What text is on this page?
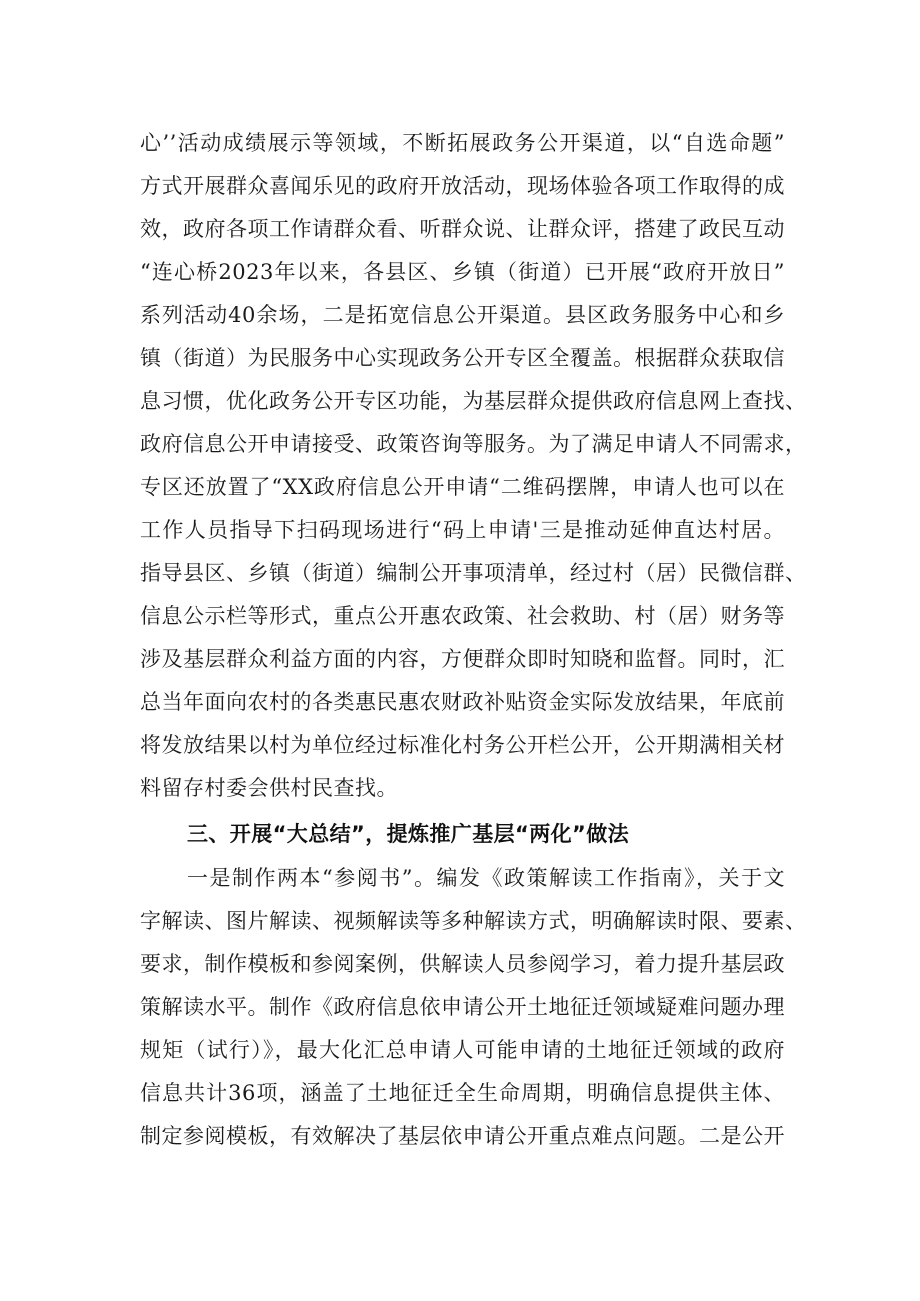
心’’活动成绩展示等领域，不断拓展政务公开渠道，以“自选命题”
方式开展群众喜闻乐见的政府开放活动，现场体验各项工作取得的成
效，政府各项工作请群众看、听群众说、让群众评，搭建了政民互动
“连心桥2023年以来，各县区、乡镇（街道）已开展“政府开放日”
系列活动40余场，二是拓宽信息公开渠道。县区政务服务中心和乡
镇（街道）为民服务中心实现政务公开专区全覆盖。根据群众获取信
息习惯，优化政务公开专区功能，为基层群众提供政府信息网上查找、
政府信息公开申请接受、政策咨询等服务。为了满足申请人不同需求，
专区还放置了“XX政府信息公开申请“二维码摆牌，申请人也可以在
工作人员指导下扫码现场进行“码上申请'三是推动延伸直达村居。
指导县区、乡镇（街道）编制公开事项清单，经过村（居）民微信群、
信息公示栏等形式，重点公开惠农政策、社会救助、村（居）财务等
涉及基层群众利益方面的内容，方便群众即时知晓和监督。同时，汇
总当年面向农村的各类惠民惠农财政补贴资金实际发放结果，年底前
将发放结果以村为单位经过标准化村务公开栏公开，公开期满相关材
料留存村委会供村民查找。
三、开展“大总结”，提炼推广基层“两化”做法
一是制作两本“参阅书”。编发《政策解读工作指南》，关于文
字解读、图片解读、视频解读等多种解读方式，明确解读时限、要素、
要求，制作模板和参阅案例，供解读人员参阅学习，着力提升基层政
策解读水平。制作《政府信息依申请公开土地征迁领域疑难问题办理
规矩（试行）》，最大化汇总申请人可能申请的土地征迁领域的政府
信息共计36项，涵盖了土地征迁全生命周期，明确信息提供主体、
制定参阅模板，有效解决了基层依申请公开重点难点问题。二是公开
